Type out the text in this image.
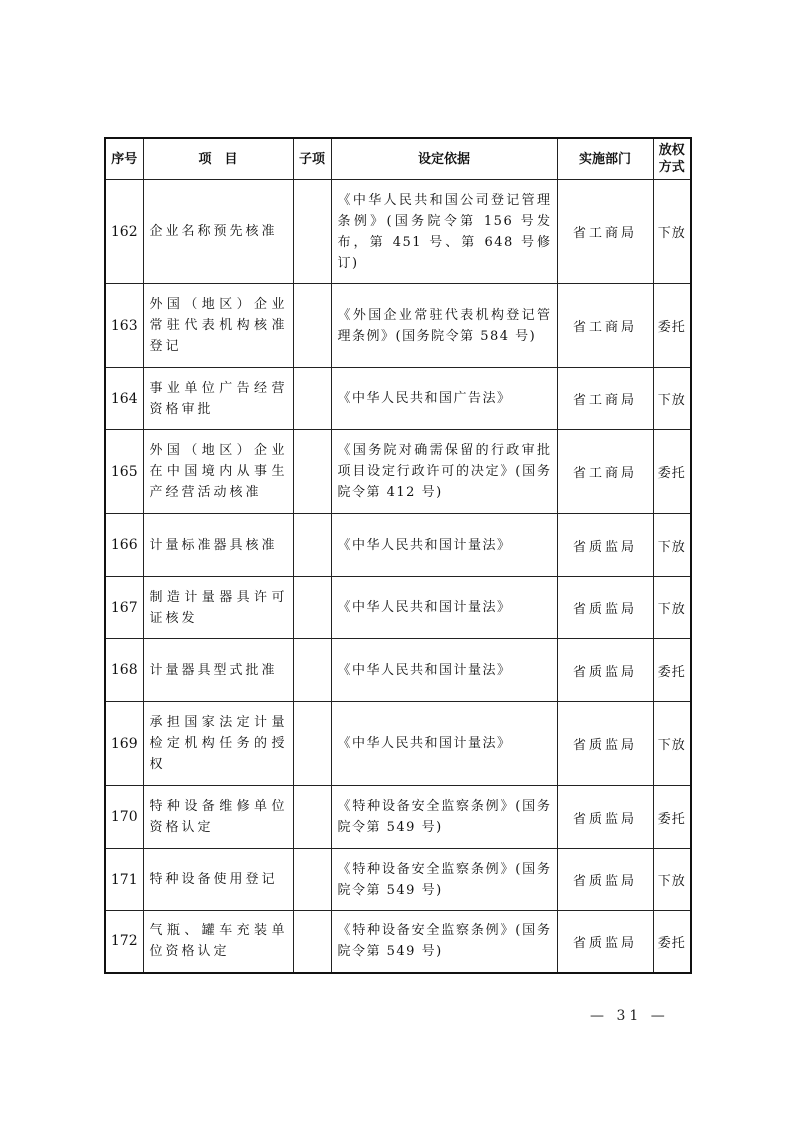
序号	项　目	子项	设定依据	实施部门	放权
方式

162	企业名称预先核准		《中华人民共和国公司登记管理条例》(国务院令第 156 号发布，第 451 号、第 648 号修订)	省工商局	下放
163	外国（地区）企业常驻代表机构核准登记		《外国企业常驻代表机构登记管理条例》(国务院令第 584 号)	省工商局	委托
164	事业单位广告经营资格审批		《中华人民共和国广告法》	省工商局	下放
165	外国（地区）企业在中国境内从事生产经营活动核准		《国务院对确需保留的行政审批项目设定行政许可的决定》(国务院令第 412 号)	省工商局	委托
166	计量标准器具核准		《中华人民共和国计量法》	省质监局	下放
167	制造计量器具许可证核发		《中华人民共和国计量法》	省质监局	下放
168	计量器具型式批准		《中华人民共和国计量法》	省质监局	委托
169	承担国家法定计量检定机构任务的授权		《中华人民共和国计量法》	省质监局	下放
170	特种设备维修单位资格认定		《特种设备安全监察条例》(国务院令第 549 号)	省质监局	委托
171	特种设备使用登记		《特种设备安全监察条例》(国务院令第 549 号)	省质监局	下放
172	气瓶、罐车充装单位资格认定		《特种设备安全监察条例》(国务院令第 549 号)	省质监局	委托
— 31 —
